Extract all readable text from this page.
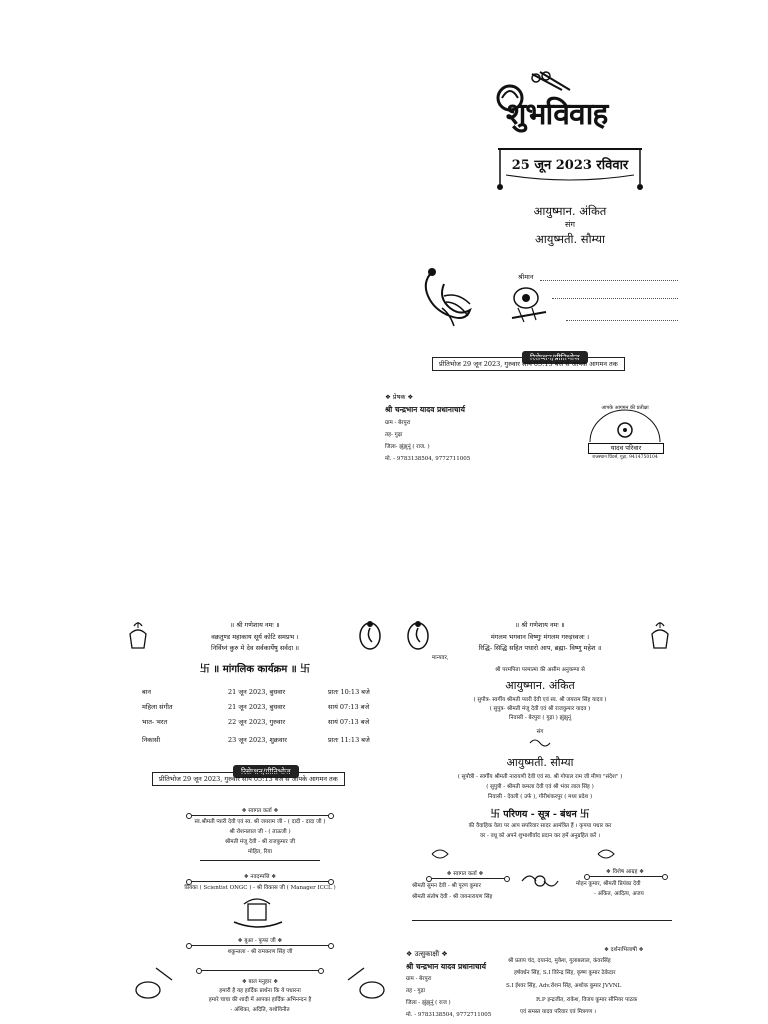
शुभविवाह
25 जून 2023 रविवार
आयुष्मान. अंकित
संग
आयुष्मती. सौम्या
श्रीमान
रिसेप्शन/प्रीतिभोज
प्रीतिभोज 29 जून 2023, गुरुवार सायं 05:13 बजे से आपके आगमन तक
❖ प्रेषक ❖
श्री चन्द्रभान यादव प्रधानाचार्य
ग्राम - बेरपुरा
तह- गुढ़ा
जिला- झुंझुनूं ( राज. )
मो. - 9783138504, 9772711005
आपके आगमन की प्रतीक्षा
यादव परिवार
राजस्थान प्रिंटर्स, गुढ़ा, 9414750104
॥ श्री गणेशाय नमः ॥
वक्रतुण्ड महाकाय सूर्य कोटि समप्रभ ।
निर्विघ्नं कुरु मे देव सर्वकार्येषु सर्वदा ॥
卐 ॥ मांगलिक कार्यक्रम ॥ 卐
बान	21 जून 2023, बुधवार	प्रातः 10:13 बजे
महिला संगीत	21 जून 2023, बुधवार	सायं 07:13 बजे
भात- भरत	22 जून 2023, गुरुवार	सायं 07:13 बजे
निकासी	23 जून 2023, शुक्रवार	प्रातः 11:13 बजे
रिसेप्शन/प्रीतिभोज
प्रीतिभोज 29 जून 2023, गुरुवार सायं 05:13 बजे से आपके आगमन तक
❖ स्वागत कर्ता ❖
स्व.श्रीमती प्यारी देवी एवं स्व. श्री जयराम जी - ( दादी - दादा जी )
श्री रोशनलाल जी - ( ताऊजी )
श्रीमती मंजू देवी - श्री राजकुमार जी
मोहित, रिया
❖ नवदम्पत्ति ❖
प्रियंका ( Scientist ONGC ) - श्री विकास जी ( Manager ICCL )
❖ बुआ - फूफा जी ❖
शकुन्तला - श्री रामकरण सिंह जी
❖ बाल मनुहार ❖
हमारी है यह हार्दिक प्रार्थना कि ये पधारना
हमारे चाचा की शादी में आपका हार्दिक अभिनन्दन है
- अंशिका, अदिति, यशोविनीत
॥ श्री गणेशाय नमः ॥
मंगलम भगवान विष्णुः मंगलम गरुड़ध्वजः ।
रिद्धि- सिद्धि सहित पधारो आप, ब्रह्मा- विष्णु महेश ॥
मान्यवर,
श्री परमपिता परमात्मा की असीम अनुकम्पा से
आयुष्मान. अंकित
( सुपौत्र- स्वर्गीय श्रीमती प्यारी देवी एवं स्व. श्री जयराम सिंह यादव )
( सुपुत्र- श्रीमती मंजू देवी एवं श्री राजकुमार यादव )
निवासी - बेरपुरा ( गुढ़ा ) झुंझुनूं
संग
आयुष्मती. सौम्या
( सुपौत्री - स्वर्गीय श्रीमती नारायणी देवी एवं स्व. श्री गोपाल राम जी मीणा "संदेश" )
( सुपुत्री - श्रीमती कमला देवी एवं श्री भंवर लाल सिंह )
निवासी - देवली ( उर्फ ), गौरीशंकरपुर ( मध्य प्रदेश )
卐 परिणय - सूत्र - बंधन 卐
की वैवाहिक वेला पर आप सपरिवार सादर आमंत्रित हैं । कृपया पधार कर
वर - वधू को अपने शुभाशीर्वाद प्रदान कर हमें अनुग्रहित करें ।
❖ स्वागत कर्ता ❖
श्रीमती सुमन देवी - श्री पूरण कुमार
श्रीमती संतोष देवी - श्री जयनारायण सिंह
❖ विशेष आग्रह ❖
मोहन कुमार, श्रीमती प्रियंका देवी
- अंकित, आदित्य, अजय
❖ उत्सुकाक्षी ❖
श्री चन्द्रभान यादव प्रधानाचार्य
ग्राम - बेरपुरा
तह - गुढ़ा
जिला - झुंझुनूं ( राज )
मो. - 9783138504, 9772711005
❖ दर्शनाभिलाषी ❖
श्री प्रताप चंद, दयानंद, मुकेश, गुलाबलाल, कंवरसिंह
हर्षवर्धन सिंह, S.I विरेन्द्र सिंह, कृष्ण कुमार ठेकेदार
S.I ईश्वर सिंह, Adv.रोशन सिंह, अशोक कुमार JVVNL
R.P इन्द्रजीत, राकेश, विजय कुमार सीनियर पाठक
एवं समस्त यादव परिवार एवं मित्रगण ।
